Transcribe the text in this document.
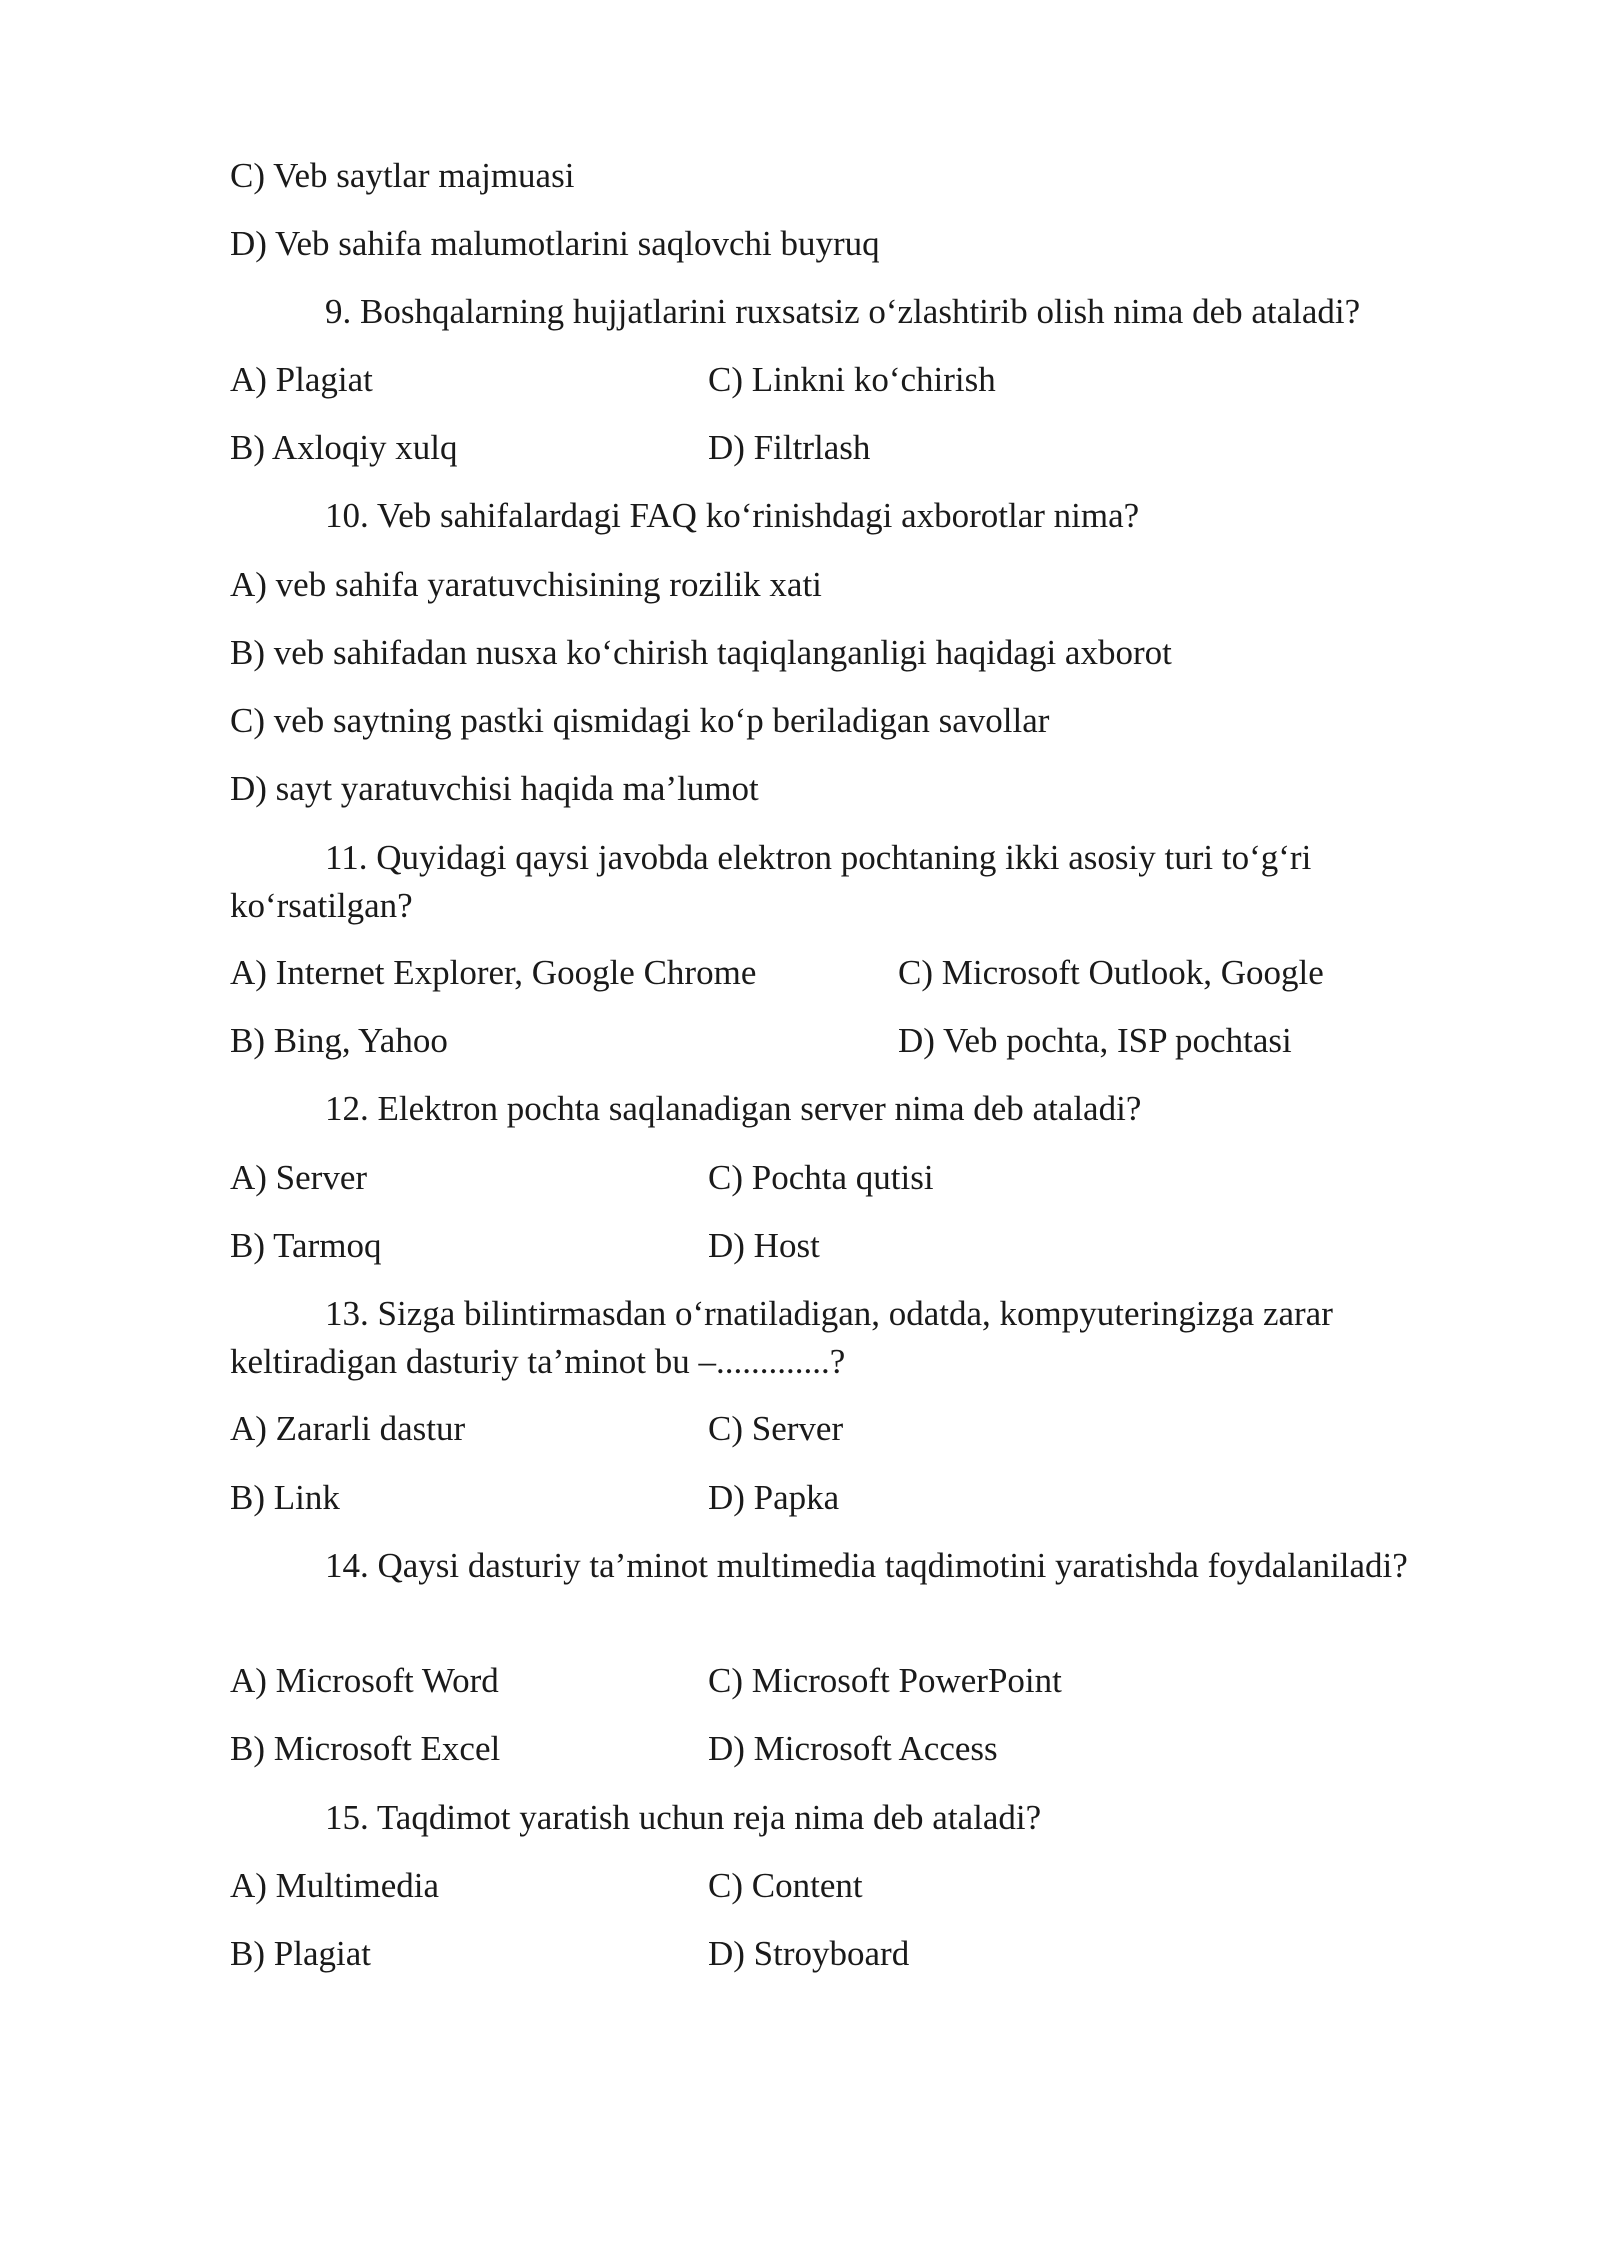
C) Veb saytlar majmuasi
D) Veb sahifa malumotlarini saqlovchi buyruq
9. Boshqalarning hujjatlarini ruxsatsiz o‘zlashtirib olish nima deb ataladi?
A) Plagiat	C) Linkni ko‘chirish
B) Axloqiy xulq	D) Filtrlash
10. Veb sahifalardagi FAQ ko‘rinishdagi axborotlar nima?
A) veb sahifa yaratuvchisining rozilik xati
B) veb sahifadan nusxa ko‘chirish taqiqlanganligi haqidagi axborot
C) veb saytning pastki qismidagi ko‘p beriladigan savollar
D) sayt yaratuvchisi haqida ma’lumot
11. Quyidagi qaysi javobda elektron pochtaning ikki asosiy turi to‘g‘ri ko‘rsatilgan?
A) Internet Explorer, Google Chrome	C) Microsoft Outlook, Google
B) Bing, Yahoo	D) Veb pochta, ISP pochtasi
12. Elektron pochta saqlanadigan server nima deb ataladi?
A) Server	C) Pochta qutisi
B) Tarmoq	D) Host
13. Sizga bilintirmasdan o‘rnatiladigan, odatda, kompyuteringizga zarar keltiradigan dasturiy ta’minot bu –.............?
A) Zararli dastur	C) Server
B) Link	D) Papka
14. Qaysi dasturiy ta’minot multimedia taqdimotini yaratishda foydalaniladi?
A) Microsoft Word	C) Microsoft PowerPoint
B) Microsoft Excel	D) Microsoft Access
15. Taqdimot yaratish uchun reja nima deb ataladi?
A) Multimedia	C) Content
B) Plagiat	D) Stroyboard
